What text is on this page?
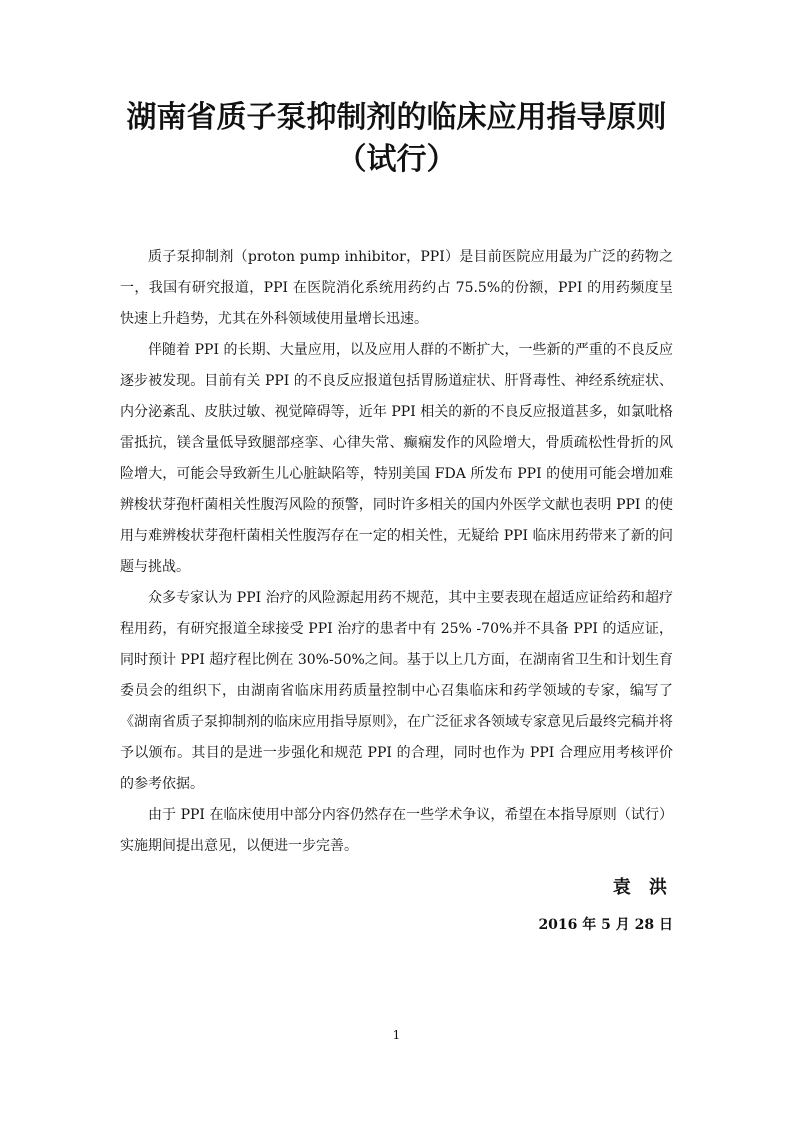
湖南省质子泵抑制剂的临床应用指导原则
（试行）

质子泵抑制剂（proton pump inhibitor，PPI）是目前医院应用最为广泛的药物之一，我国有研究报道，PPI 在医院消化系统用药约占 75.5%的份额，PPI 的用药频度呈快速上升趋势，尤其在外科领域使用量增长迅速。

伴随着 PPI 的长期、大量应用，以及应用人群的不断扩大，一些新的严重的不良反应逐步被发现。目前有关 PPI 的不良反应报道包括胃肠道症状、肝肾毒性、神经系统症状、内分泌紊乱、皮肤过敏、视觉障碍等，近年 PPI 相关的新的不良反应报道甚多，如氯吡格雷抵抗，镁含量低导致腿部痉挛、心律失常、癫痫发作的风险增大，骨质疏松性骨折的风险增大，可能会导致新生儿心脏缺陷等，特别美国 FDA 所发布 PPI 的使用可能会增加难辨梭状芽孢杆菌相关性腹泻风险的预警，同时许多相关的国内外医学文献也表明 PPI 的使用与难辨梭状芽孢杆菌相关性腹泻存在一定的相关性，无疑给 PPI 临床用药带来了新的问题与挑战。

众多专家认为 PPI 治疗的风险源起用药不规范，其中主要表现在超适应证给药和超疗程用药，有研究报道全球接受 PPI 治疗的患者中有 25% -70%并不具备 PPI 的适应证，同时预计 PPI 超疗程比例在 30%-50%之间。基于以上几方面，在湖南省卫生和计划生育委员会的组织下，由湖南省临床用药质量控制中心召集临床和药学领域的专家，编写了《湖南省质子泵抑制剂的临床应用指导原则》，在广泛征求各领域专家意见后最终完稿并将予以颁布。其目的是进一步强化和规范 PPI 的合理，同时也作为 PPI 合理应用考核评价的参考依据。

由于 PPI 在临床使用中部分内容仍然存在一些学术争议，希望在本指导原则（试行）实施期间提出意见，以便进一步完善。

袁 洪
2016 年 5 月 28 日
1
